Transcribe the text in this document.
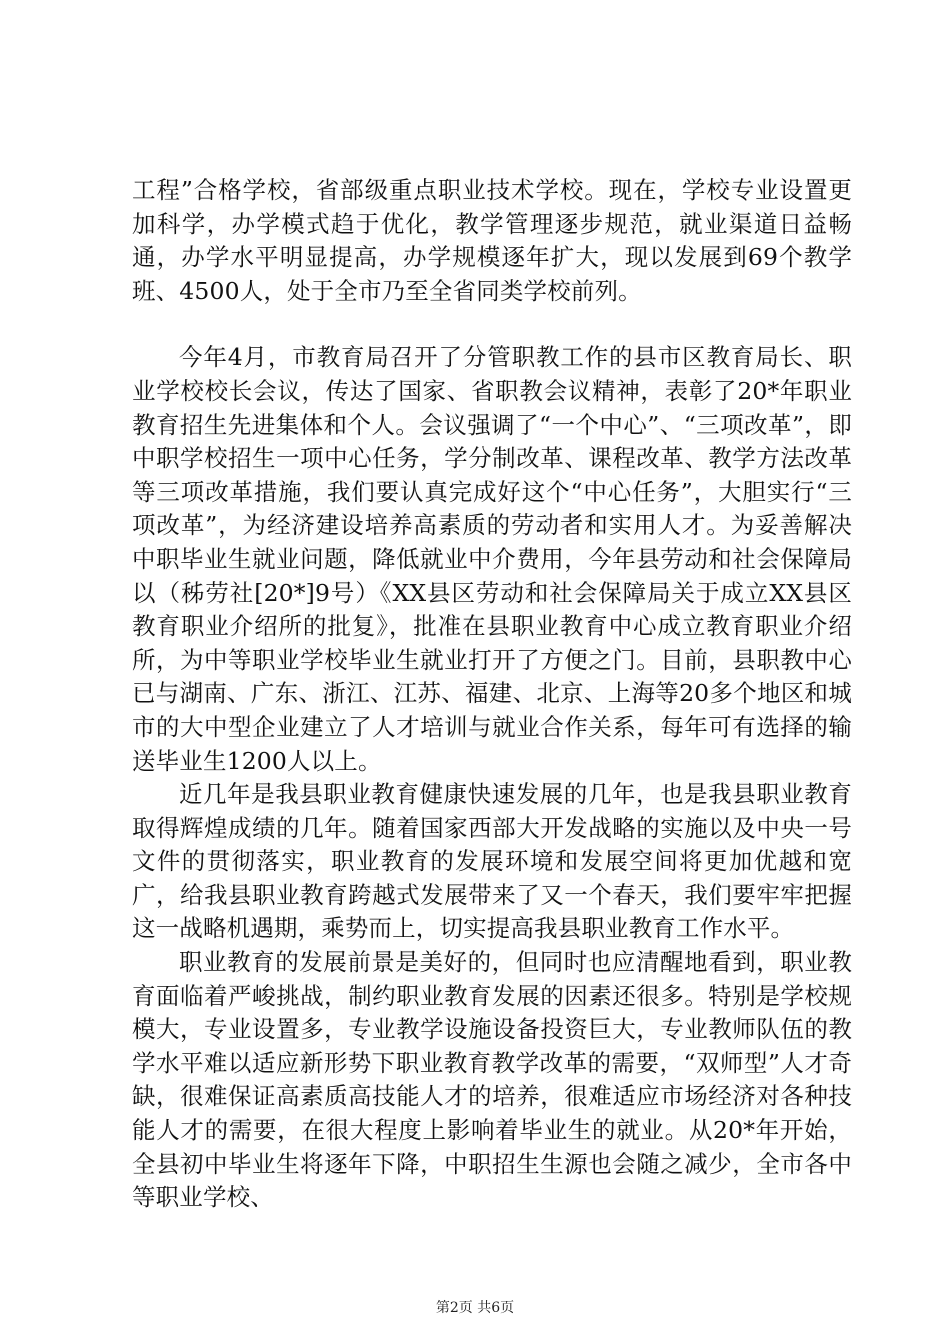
工程”合格学校，省部级重点职业技术学校。现在，学校专业设置更加科学，办学模式趋于优化，教学管理逐步规范，就业渠道日益畅通，办学水平明显提高，办学规模逐年扩大，现以发展到69个教学班、4500人，处于全市乃至全省同类学校前列。

今年4月，市教育局召开了分管职教工作的县市区教育局长、职业学校校长会议，传达了国家、省职教会议精神，表彰了20*年职业教育招生先进集体和个人。会议强调了“一个中心”、“三项改革”，即中职学校招生一项中心任务，学分制改革、课程改革、教学方法改革等三项改革措施，我们要认真完成好这个“中心任务”，大胆实行“三项改革”，为经济建设培养高素质的劳动者和实用人才。为妥善解决中职毕业生就业问题，降低就业中介费用，今年县劳动和社会保障局以（秭劳社[20*]9号）《XX县区劳动和社会保障局关于成立XX县区教育职业介绍所的批复》，批准在县职业教育中心成立教育职业介绍所，为中等职业学校毕业生就业打开了方便之门。目前，县职教中心已与湖南、广东、浙江、江苏、福建、北京、上海等20多个地区和城市的大中型企业建立了人才培训与就业合作关系，每年可有选择的输送毕业生1200人以上。

近几年是我县职业教育健康快速发展的几年，也是我县职业教育取得辉煌成绩的几年。随着国家西部大开发战略的实施以及中央一号文件的贯彻落实，职业教育的发展环境和发展空间将更加优越和宽广，给我县职业教育跨越式发展带来了又一个春天，我们要牢牢把握这一战略机遇期，乘势而上，切实提高我县职业教育工作水平。

职业教育的发展前景是美好的，但同时也应清醒地看到，职业教育面临着严峻挑战，制约职业教育发展的因素还很多。特别是学校规模大，专业设置多，专业教学设施设备投资巨大，专业教师队伍的教学水平难以适应新形势下职业教育教学改革的需要，“双师型”人才奇缺，很难保证高素质高技能人才的培养，很难适应市场经济对各种技能人才的需要，在很大程度上影响着毕业生的就业。从20*年开始，全县初中毕业生将逐年下降，中职招生生源也会随之减少，全市各中等职业学校、

第2页 共6页
